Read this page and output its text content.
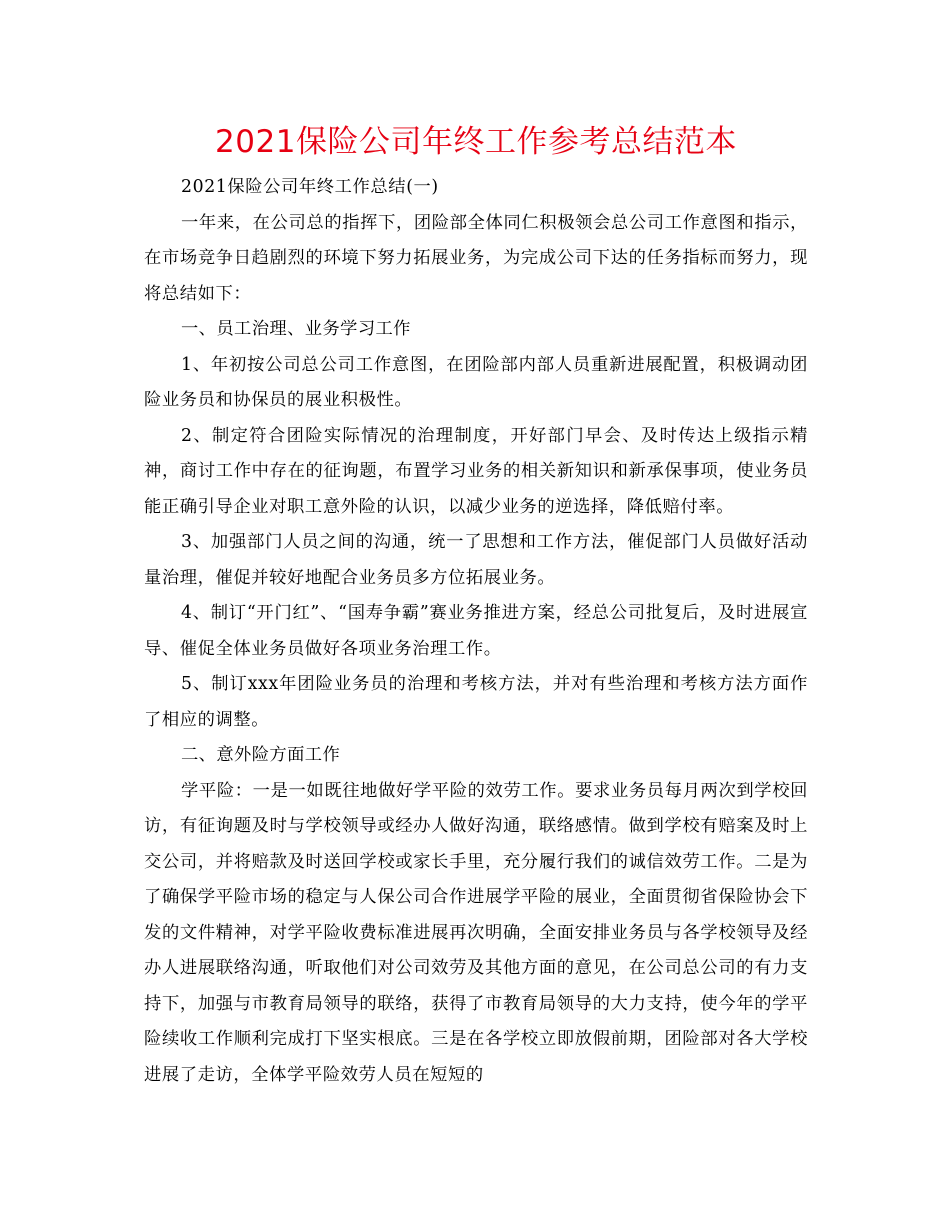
2021保险公司年终工作参考总结范本

2021保险公司年终工作总结(一)

一年来，在公司总的指挥下，团险部全体同仁积极领会总公司工作意图和指示，在市场竞争日趋剧烈的环境下努力拓展业务，为完成公司下达的任务指标而努力，现将总结如下：

一、员工治理、业务学习工作

1、年初按公司总公司工作意图，在团险部内部人员重新进展配置，积极调动团险业务员和协保员的展业积极性。

2、制定符合团险实际情况的治理制度，开好部门早会、及时传达上级指示精神，商讨工作中存在的征询题，布置学习业务的相关新知识和新承保事项，使业务员能正确引导企业对职工意外险的认识，以减少业务的逆选择，降低赔付率。

3、加强部门人员之间的沟通，统一了思想和工作方法，催促部门人员做好活动量治理，催促并较好地配合业务员多方位拓展业务。

4、制订“开门红”、“国寿争霸”赛业务推进方案，经总公司批复后，及时进展宣导、催促全体业务员做好各项业务治理工作。

5、制订xxx年团险业务员的治理和考核方法，并对有些治理和考核方法方面作了相应的调整。

二、意外险方面工作

学平险：一是一如既往地做好学平险的效劳工作。要求业务员每月两次到学校回访，有征询题及时与学校领导或经办人做好沟通，联络感情。做到学校有赔案及时上交公司，并将赔款及时送回学校或家长手里，充分履行我们的诚信效劳工作。二是为了确保学平险市场的稳定与人保公司合作进展学平险的展业，全面贯彻省保险协会下发的文件精神，对学平险收费标准进展再次明确，全面安排业务员与各学校领导及经办人进展联络沟通，听取他们对公司效劳及其他方面的意见，在公司总公司的有力支持下，加强与市教育局领导的联络，获得了市教育局领导的大力支持，使今年的学平险续收工作顺利完成打下坚实根底。三是在各学校立即放假前期，团险部对各大学校进展了走访，全体学平险效劳人员在短短的
